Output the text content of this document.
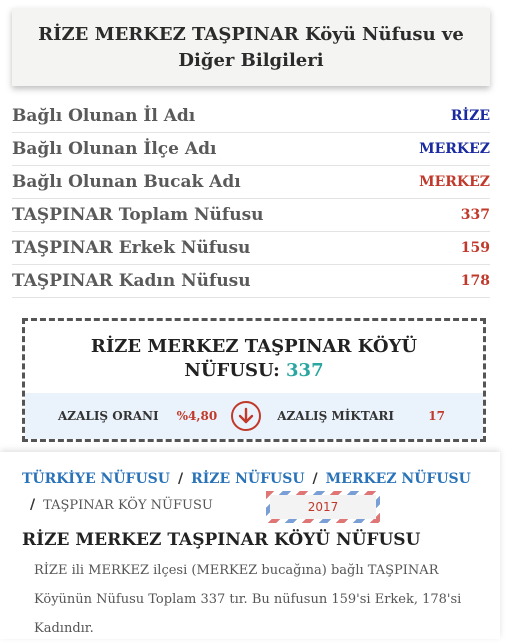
RİZE MERKEZ TAŞPINAR Köyü Nüfusu ve Diğer Bilgileri
Bağlı Olunan İl Adı	RİZE
Bağlı Olunan İlçe Adı	MERKEZ
Bağlı Olunan Bucak Adı	MERKEZ
TAŞPINAR Toplam Nüfusu	337
TAŞPINAR Erkek Nüfusu	159
TAŞPINAR Kadın Nüfusu	178
RİZE MERKEZ TAŞPINAR KÖYÜ
NÜFUSU: 337
AZALIŞ ORANI %4,80	AZALIŞ MİKTARI	17
TÜRKİYE NÜFUSU / RİZE NÜFUSU / MERKEZ NÜFUSU
/ TAŞPINAR KÖY NÜFUSU	2017
RİZE MERKEZ TAŞPINAR KÖYÜ NÜFUSU
RİZE ili MERKEZ ilçesi (MERKEZ bucağına) bağlı TAŞPINAR Köyünün Nüfusu Toplam 337 tır. Bu nüfusun 159'si Erkek, 178'si Kadındır.
